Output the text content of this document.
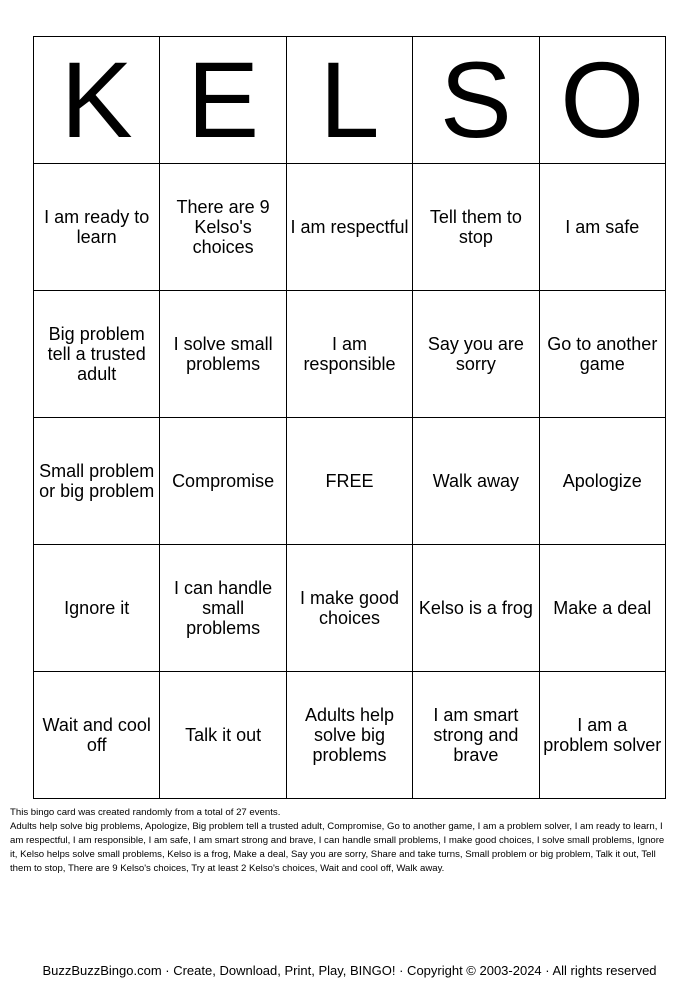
K	E	L	S	O
I am ready to learn	There are 9 Kelso's choices	I am respectful	Tell them to stop	I am safe
Big problem tell a trusted adult	I solve small problems	I am responsible	Say you are sorry	Go to another game
Small problem or big problem	Compromise	FREE	Walk away	Apologize
Ignore it	I can handle small problems	I make good choices	Kelso is a frog	Make a deal
Wait and cool off	Talk it out	Adults help solve big problems	I am smart strong and brave	I am a problem solver

This bingo card was created randomly from a total of 27 events.

Adults help solve big problems, Apologize, Big problem tell a trusted adult, Compromise, Go to another game, I am a problem solver, I am ready to learn, I am respectful, I am responsible, I am safe, I am smart strong and brave, I can handle small problems, I make good choices, I solve small problems, Ignore it, Kelso helps solve small problems, Kelso is a frog, Make a deal, Say you are sorry, Share and take turns, Small problem or big problem, Talk it out, Tell them to stop, There are 9 Kelso's choices, Try at least 2 Kelso's choices, Wait and cool off, Walk away.

BuzzBuzzBingo.com · Create, Download, Print, Play, BINGO! · Copyright © 2003-2024 · All rights reserved
